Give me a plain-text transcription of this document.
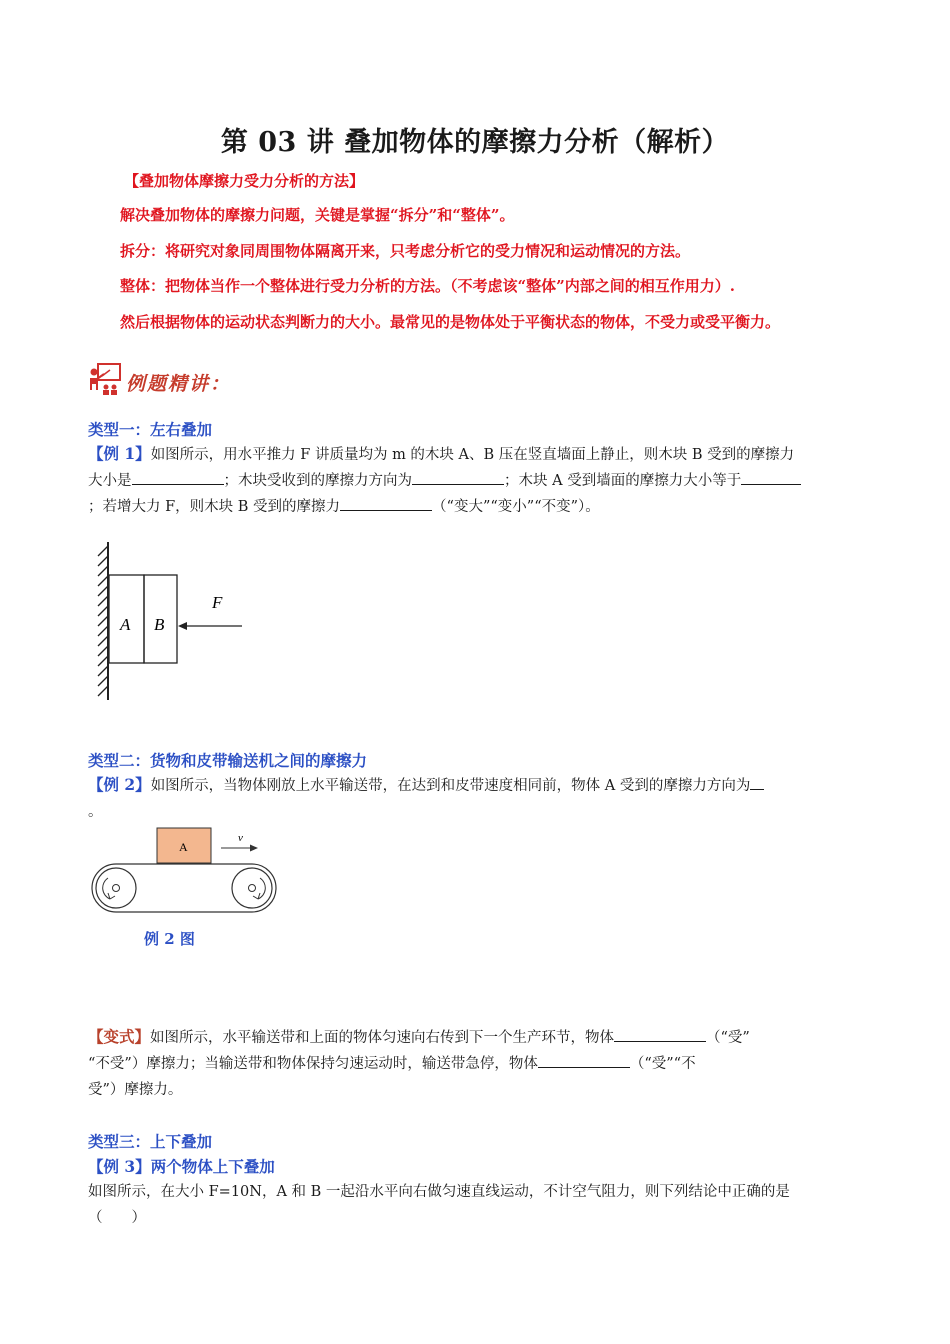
第 03 讲 叠加物体的摩擦力分析（解析）
【叠加物体摩擦力受力分析的方法】
解决叠加物体的摩擦力问题，关键是掌握“拆分”和“整体”。
拆分：将研究对象同周围物体隔离开来，只考虑分析它的受力情况和运动情况的方法。
整体：把物体当作一个整体进行受力分析的方法。（不考虑该“整体”内部之间的相互作用力）.
然后根据物体的运动状态判断力的大小。最常见的是物体处于平衡状态的物体，不受力或受平衡力。
例题精讲：
类型一：左右叠加
【例 1】如图所示，用水平推力 F 讲质量均为 m 的木块 A、B 压在竖直墙面上静止，则木块 B 受到的摩擦力
大小是	；木块受收到的摩擦力方向为	；木块 A 受到墙面的摩擦力大小等于
；若增大力 F，则木块 B 受到的摩擦力	（“变大”“变小”“不变”）。
A B
F
类型二：货物和皮带输送机之间的摩擦力
【例 2】如图所示，当物体刚放上水平输送带，在达到和皮带速度相同前，物体 A 受到的摩擦力方向为
。
A
v
例 2 图
【变式】如图所示，水平输送带和上面的物体匀速向右传到下一个生产环节，物体	（“受”
“不受”）摩擦力；当输送带和物体保持匀速运动时，输送带急停，物体	（“受”“不
受”）摩擦力。
类型三：上下叠加
【例 3】两个物体上下叠加
如图所示，在大小 F=10N，A 和 B 一起沿水平向右做匀速直线运动，不计空气阻力，则下列结论中正确的是
（　　）
